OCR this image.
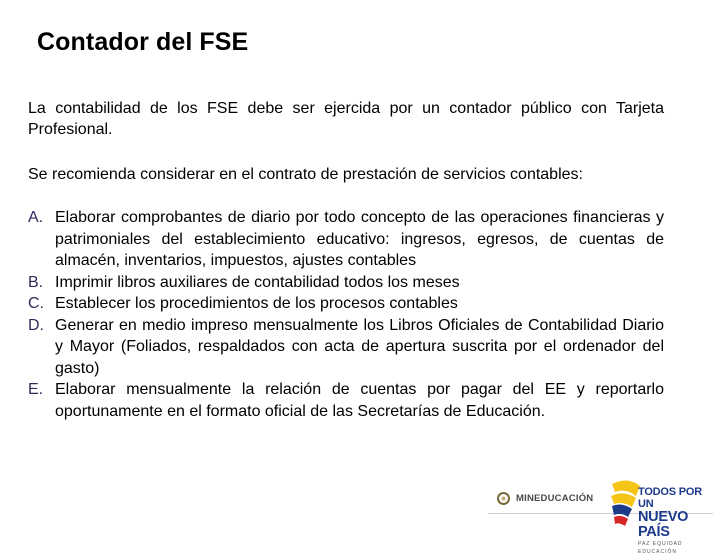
Contador del FSE
La contabilidad de los FSE debe ser ejercida por un contador público con Tarjeta Profesional.
Se recomienda considerar en el contrato de prestación de servicios contables:
A. Elaborar comprobantes de diario por todo concepto de las operaciones financieras y patrimoniales del establecimiento educativo: ingresos, egresos, de cuentas de almacén, inventarios, impuestos, ajustes contables
B. Imprimir libros auxiliares de contabilidad todos los meses
C. Establecer los procedimientos de los procesos contables
D. Generar en medio impreso mensualmente los Libros Oficiales de Contabilidad Diario y Mayor (Foliados, respaldados con acta de apertura suscrita por el ordenador del gasto)
E. Elaborar mensualmente la relación de cuentas por pagar del EE y reportarlo oportunamente en el formato oficial de las Secretarías de Educación.
MINEDUCACIÓN
TODOS POR UN
NUEVO PAÍS
PAZ EQUIDAD EDUCACIÓN
